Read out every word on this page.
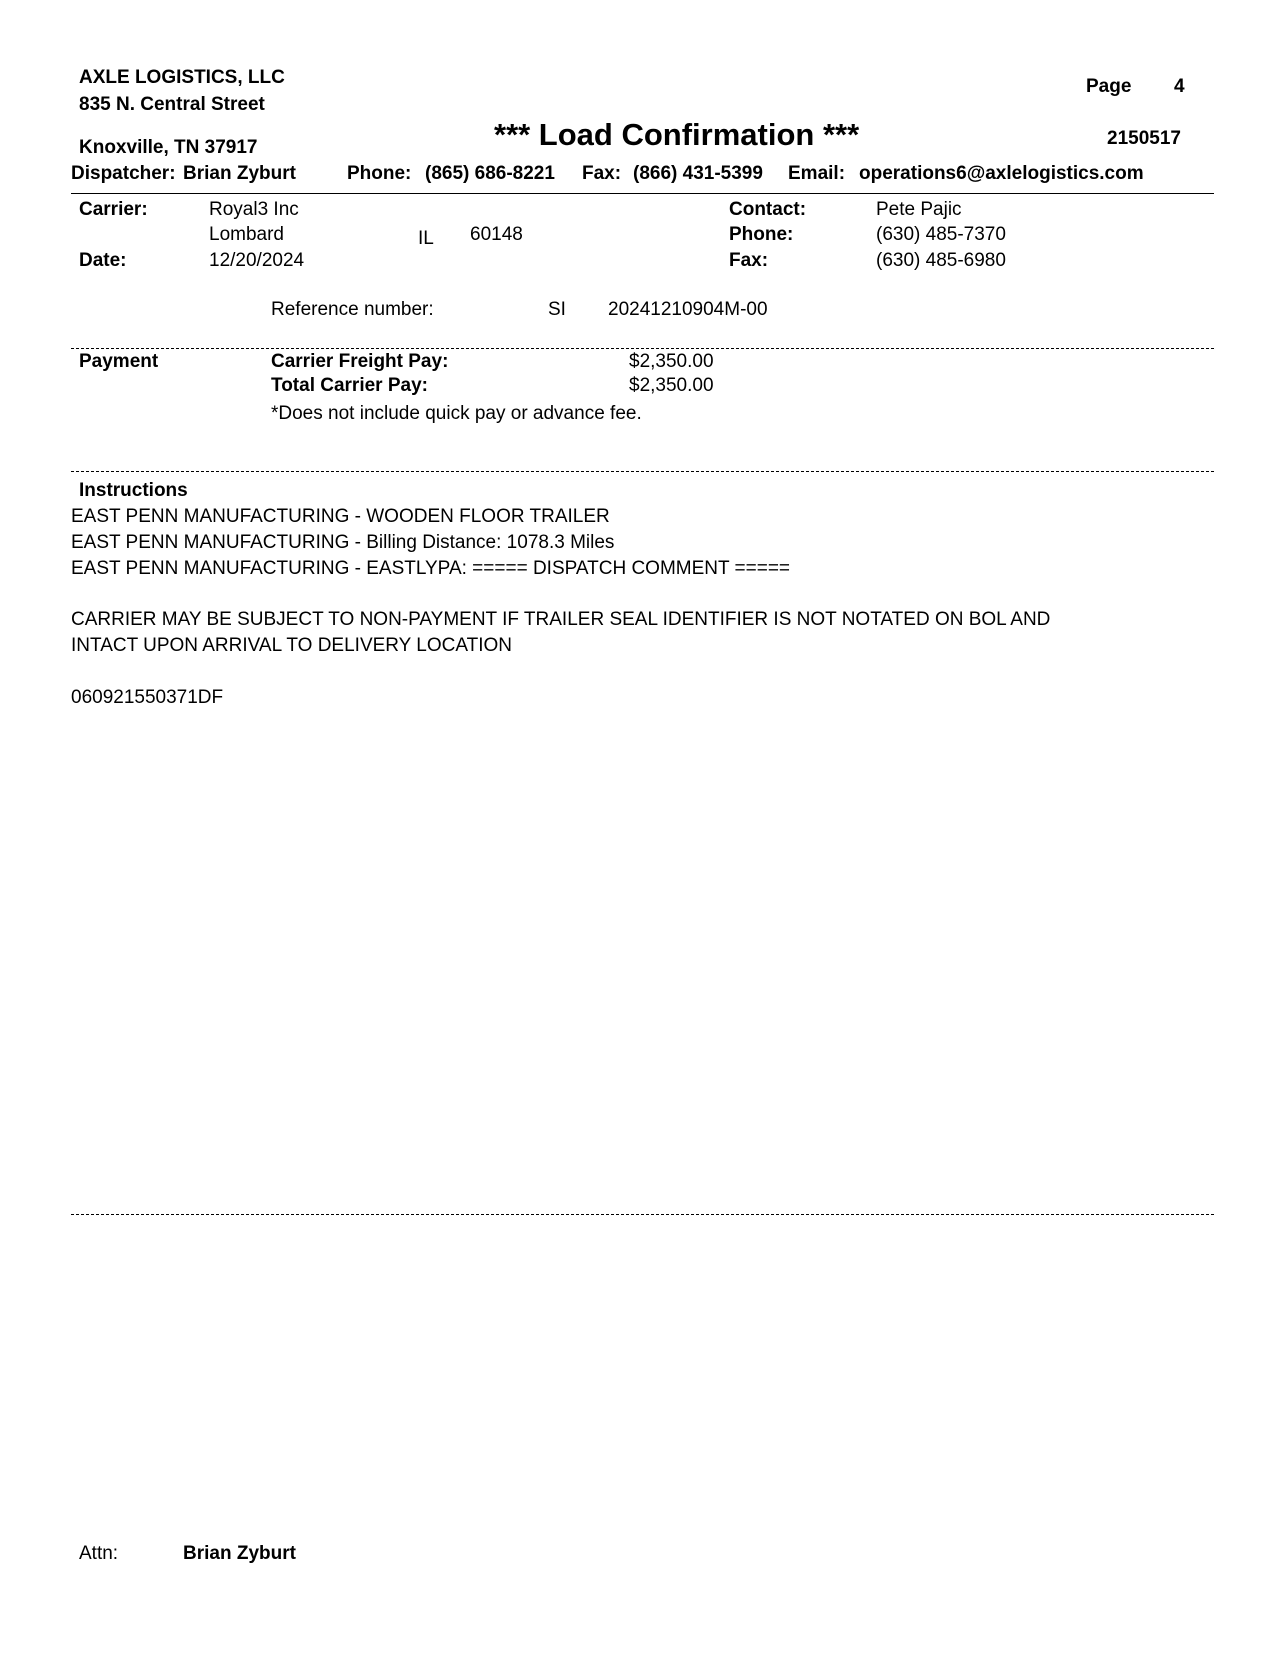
AXLE LOGISTICS, LLC
835 N. Central Street
Knoxville, TN 37917
Page 4
*** Load Confirmation ***	2150517
Dispatcher: Brian Zyburt	Phone: (865) 686-8221 Fax: (866) 431-5399 Email: operations6@axlelogistics.com
Carrier:	Royal3 Inc
Lombard	IL 60148
Date:	12/20/2024
Contact:	Pete Pajic
Phone:	(630) 485-7370
Fax:	(630) 485-6980
Reference number:	SI 20241210904M-00
Payment	Carrier Freight Pay:	$2,350.00
Total Carrier Pay:	$2,350.00
*Does not include quick pay or advance fee.
Instructions
EAST PENN MANUFACTURING - WOODEN FLOOR TRAILER
EAST PENN MANUFACTURING - Billing Distance: 1078.3 Miles
EAST PENN MANUFACTURING - EASTLYPA: ===== DISPATCH COMMENT =====
CARRIER MAY BE SUBJECT TO NON-PAYMENT IF TRAILER SEAL IDENTIFIER IS NOT NOTATED ON BOL AND
INTACT UPON ARRIVAL TO DELIVERY LOCATION
060921550371DF
Attn:	Brian Zyburt
